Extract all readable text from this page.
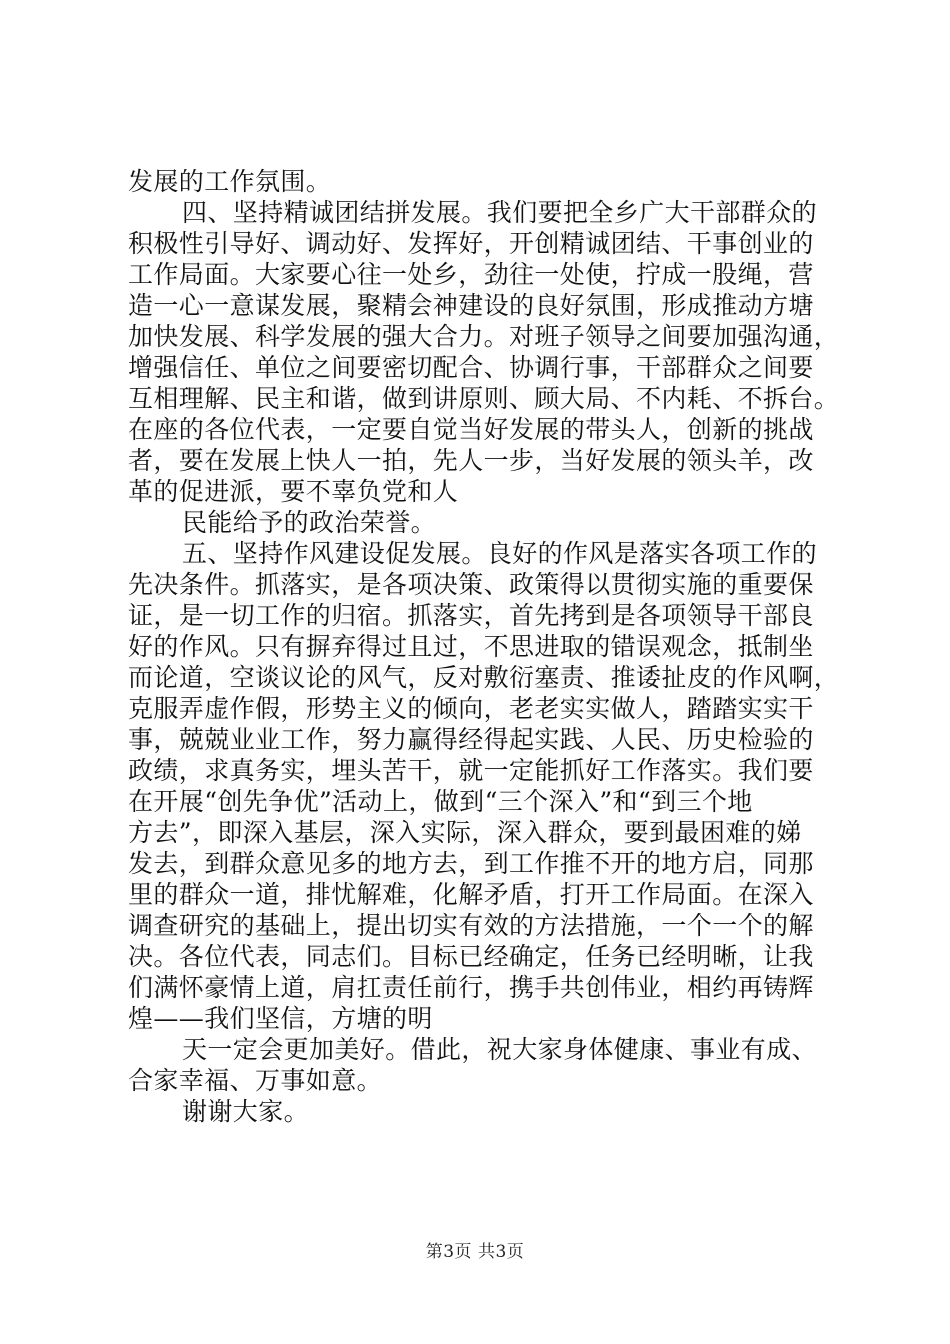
发展的工作氛围。
四、坚持精诚团结拼发展。我们要把全乡广大干部群众的
积极性引导好、调动好、发挥好，开创精诚团结、干事创业的
工作局面。大家要心往一处乡，劲往一处使，拧成一股绳，营
造一心一意谋发展，聚精会神建设的良好氛围，形成推动方塘
加快发展、科学发展的强大合力。对班子领导之间要加强沟通，
增强信任、单位之间要密切配合、协调行事，干部群众之间要
互相理解、民主和谐，做到讲原则、顾大局、不内耗、不拆台。
在座的各位代表，一定要自觉当好发展的带头人，创新的挑战
者，要在发展上快人一拍，先人一步，当好发展的领头羊，改
革的促进派，要不辜负党和人
民能给予的政治荣誉。
五、坚持作风建设促发展。良好的作风是落实各项工作的
先决条件。抓落实，是各项决策、政策得以贯彻实施的重要保
证，是一切工作的归宿。抓落实，首先拷到是各项领导干部良
好的作风。只有摒弃得过且过，不思进取的错误观念，抵制坐
而论道，空谈议论的风气，反对敷衍塞责、推诿扯皮的作风啊，
克服弄虚作假，形势主义的倾向，老老实实做人，踏踏实实干
事，兢兢业业工作，努力赢得经得起实践、人民、历史检验的
政绩，求真务实，埋头苦干，就一定能抓好工作落实。我们要
在开展“创先争优”活动上，做到“三个深入”和“到三个地
方去”，即深入基层，深入实际，深入群众，要到最困难的娣
发去，到群众意见多的地方去，到工作推不开的地方启，同那
里的群众一道，排忧解难，化解矛盾，打开工作局面。在深入
调查研究的基础上，提出切实有效的方法措施，一个一个的解
决。各位代表，同志们。目标已经确定，任务已经明晰，让我
们满怀豪情上道，肩扛责任前行，携手共创伟业，相约再铸辉
煌——我们坚信，方塘的明
天一定会更加美好。借此，祝大家身体健康、事业有成、
合家幸福、万事如意。
谢谢大家。
第3页 共3页
